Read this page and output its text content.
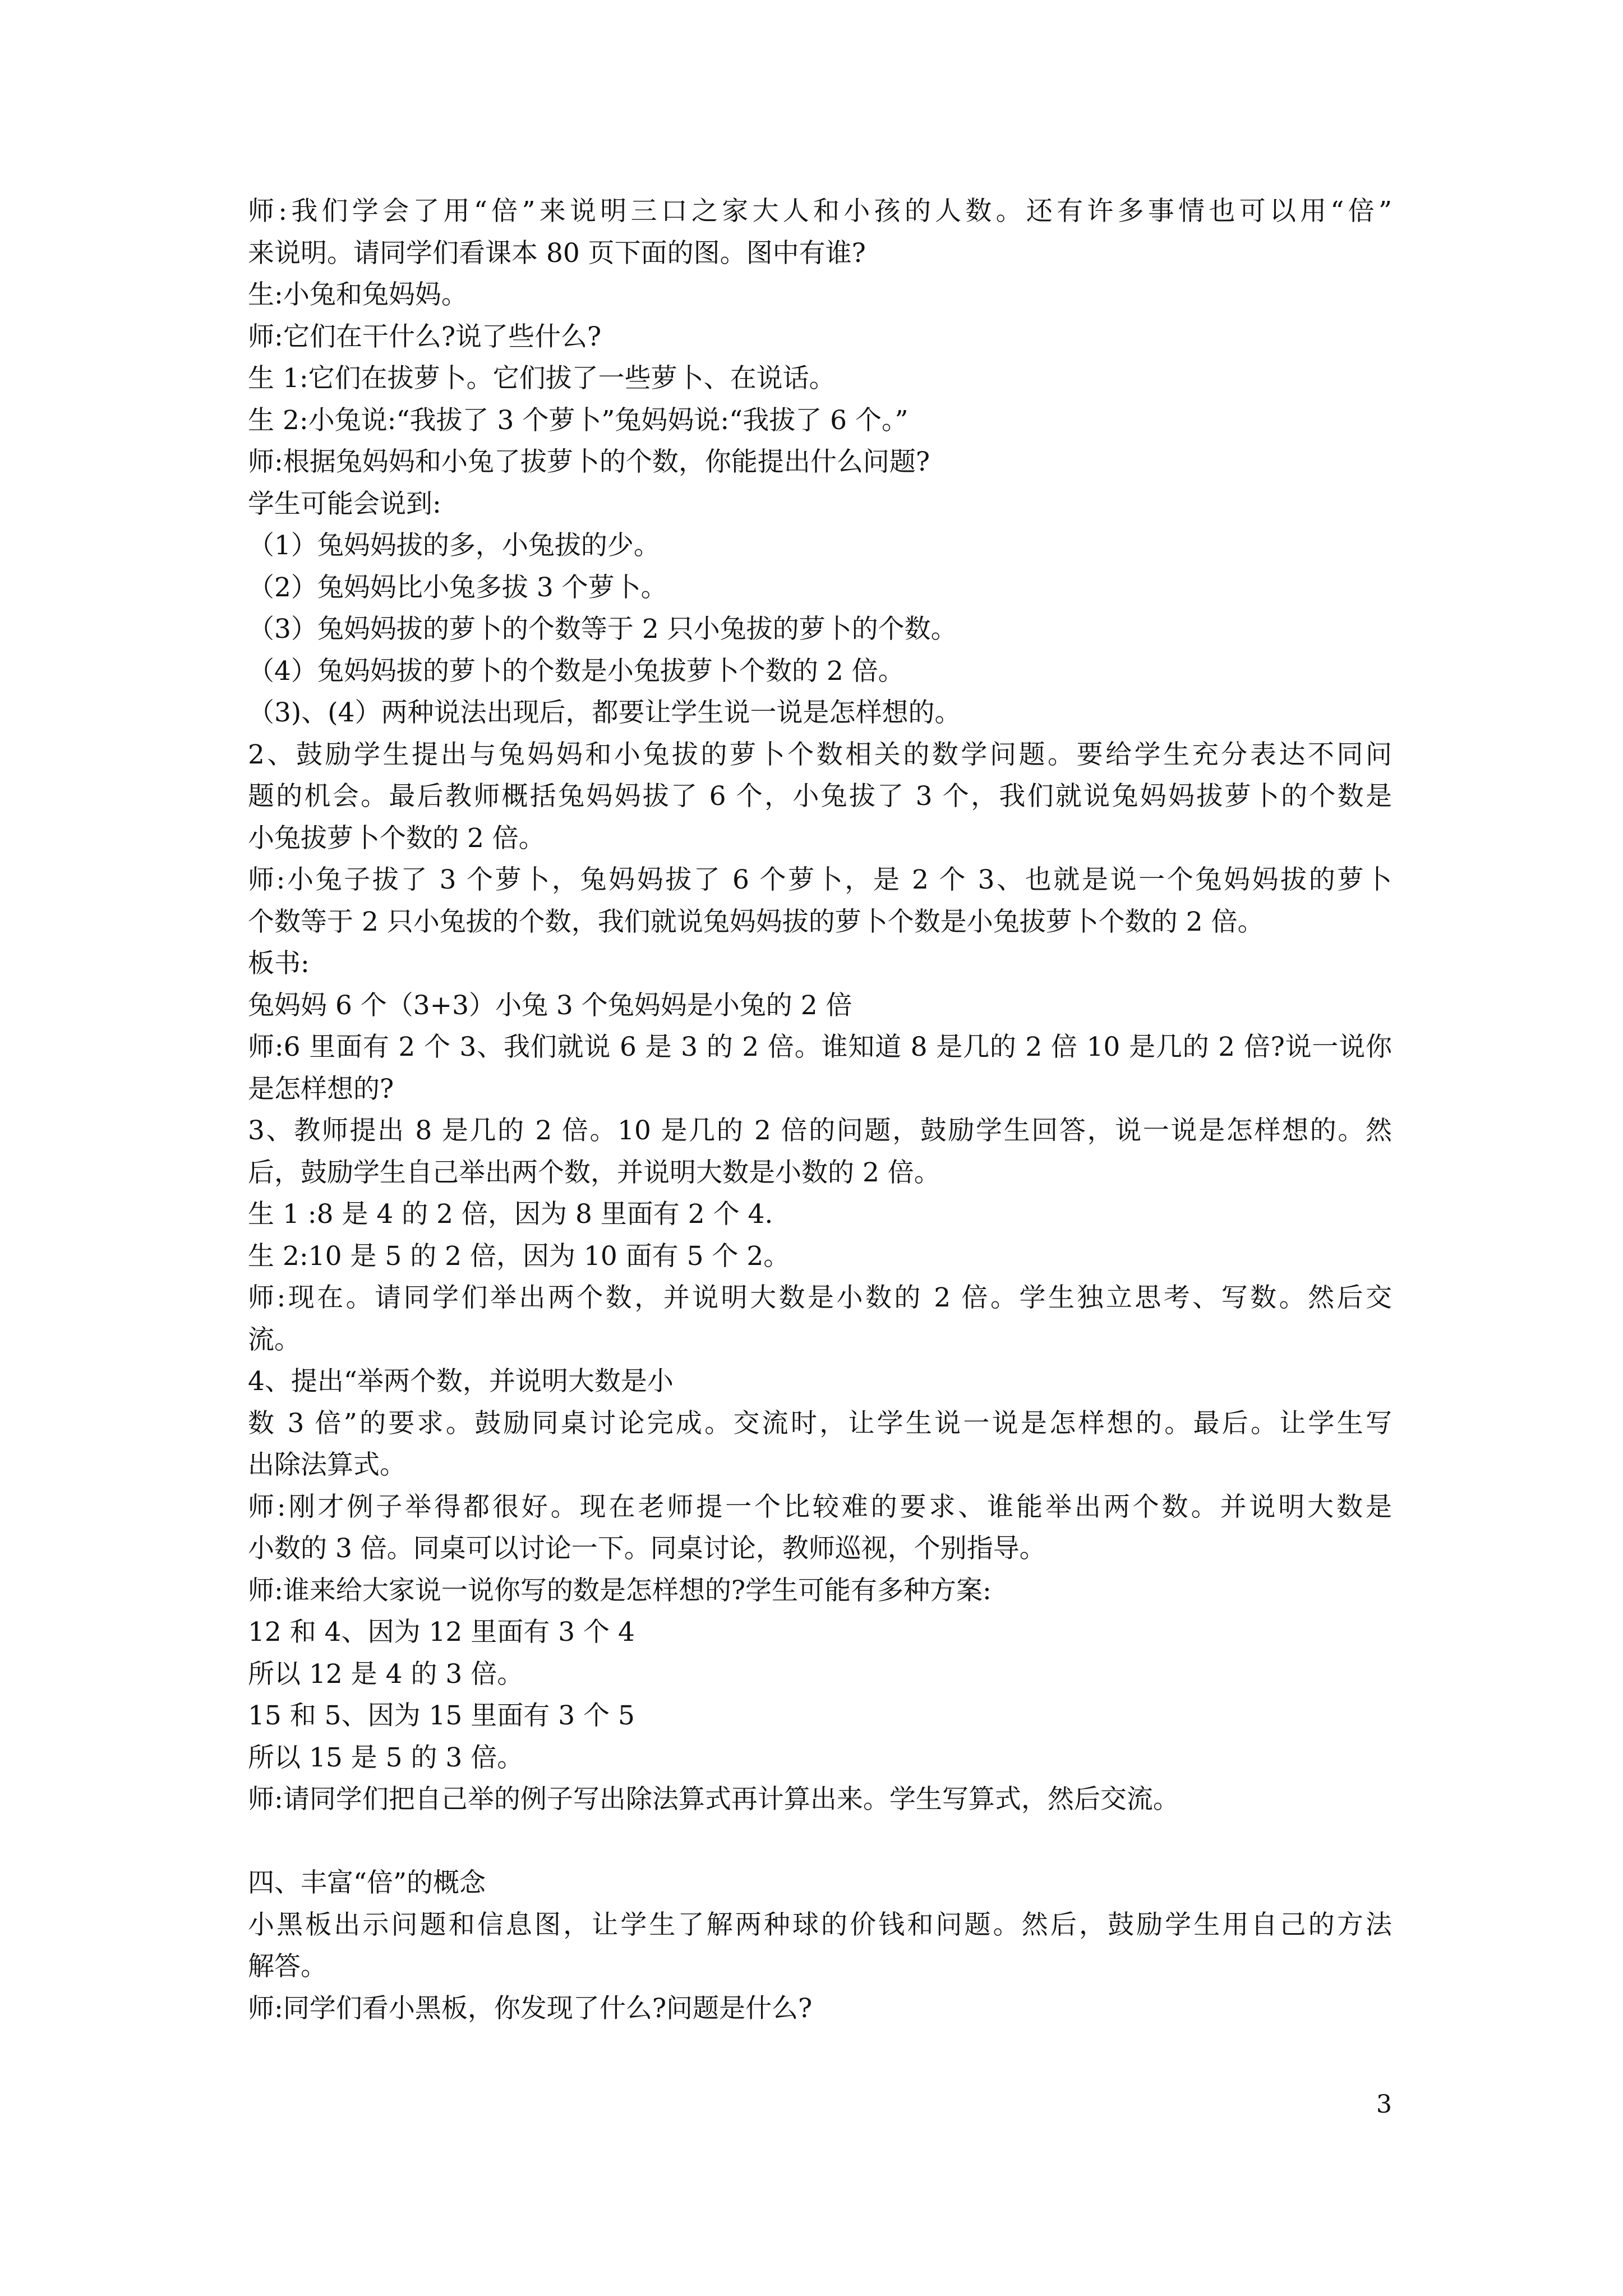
师:我们学会了用“倍”来说明三口之家大人和小孩的人数。还有许多事情也可以用“倍”
来说明。请同学们看课本 80 页下面的图。图中有谁?
生:小兔和兔妈妈。
师:它们在干什么?说了些什么?
生 1:它们在拔萝卜。它们拔了一些萝卜、在说话。
生 2:小兔说:“我拔了 3 个萝卜”兔妈妈说:“我拔了 6 个。”
师:根据兔妈妈和小兔了拔萝卜的个数，你能提出什么问题?
学生可能会说到:
（1）兔妈妈拔的多，小兔拔的少。
（2）兔妈妈比小兔多拔 3 个萝卜。
（3）兔妈妈拔的萝卜的个数等于 2 只小兔拔的萝卜的个数。
（4）兔妈妈拔的萝卜的个数是小兔拔萝卜个数的 2 倍。
（3)、(4）两种说法出现后，都要让学生说一说是怎样想的。
2、鼓励学生提出与兔妈妈和小兔拔的萝卜个数相关的数学问题。要给学生充分表达不同问
题的机会。最后教师概括兔妈妈拔了 6 个，小兔拔了 3 个，我们就说兔妈妈拔萝卜的个数是
小兔拔萝卜个数的 2 倍。
师:小兔子拔了 3 个萝卜，兔妈妈拔了 6 个萝卜，是 2 个 3、也就是说一个兔妈妈拔的萝卜
个数等于 2 只小兔拔的个数，我们就说兔妈妈拔的萝卜个数是小兔拔萝卜个数的 2 倍。
板书:
兔妈妈 6 个（3+3）小兔 3 个兔妈妈是小兔的 2 倍
师:6 里面有 2 个 3、我们就说 6 是 3 的 2 倍。谁知道 8 是几的 2 倍 10 是几的 2 倍?说一说你
是怎样想的?
3、教师提出 8 是几的 2 倍。10 是几的 2 倍的问题，鼓励学生回答，说一说是怎样想的。然
后，鼓励学生自己举出两个数，并说明大数是小数的 2 倍。
生 1 :8 是 4 的 2 倍，因为 8 里面有 2 个 4.
生 2:10 是 5 的 2 倍，因为 10 面有 5 个 2。
师:现在。请同学们举出两个数，并说明大数是小数的 2 倍。学生独立思考、写数。然后交
流。
4、提出“举两个数，并说明大数是小
数 3 倍”的要求。鼓励同桌讨论完成。交流时，让学生说一说是怎样想的。最后。让学生写
出除法算式。
师:刚才例子举得都很好。现在老师提一个比较难的要求、谁能举出两个数。并说明大数是
小数的 3 倍。同桌可以讨论一下。同桌讨论，教师巡视，个别指导。
师:谁来给大家说一说你写的数是怎样想的?学生可能有多种方案:
12 和 4、因为 12 里面有 3 个 4
所以 12 是 4 的 3 倍。
15 和 5、因为 15 里面有 3 个 5
所以 15 是 5 的 3 倍。
师:请同学们把自己举的例子写出除法算式再计算出来。学生写算式，然后交流。
四、丰富“倍”的概念
小黑板出示问题和信息图，让学生了解两种球的价钱和问题。然后，鼓励学生用自己的方法
解答。
师:同学们看小黑板，你发现了什么?问题是什么?
3
